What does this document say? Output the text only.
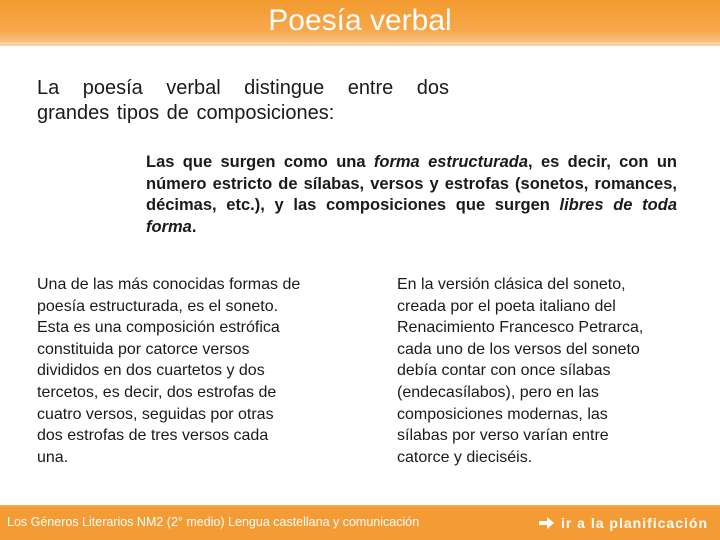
Poesía verbal
La poesía verbal distingue entre dos grandes tipos de composiciones:
Las que surgen como una forma estructurada, es decir, con un número estricto de sílabas, versos y estrofas (sonetos, romances, décimas, etc.), y las composiciones que surgen libres de toda forma.
Una de las más conocidas formas de poesía estructurada, es el soneto. Esta es una composición estrófica constituida por catorce versos divididos en dos cuartetos y dos tercetos, es decir, dos estrofas de cuatro versos, seguidas por otras dos estrofas de tres versos cada una.
En la versión clásica del soneto, creada por el poeta italiano del Renacimiento Francesco Petrarca, cada uno de los versos del soneto debía contar con once sílabas (endecasílabos), pero en las composiciones modernas, las sílabas por verso varían entre catorce y dieciséis.
Los Géneros Literarios NM2 (2° medio) Lengua castellana y comunicación	ir a la planificación
